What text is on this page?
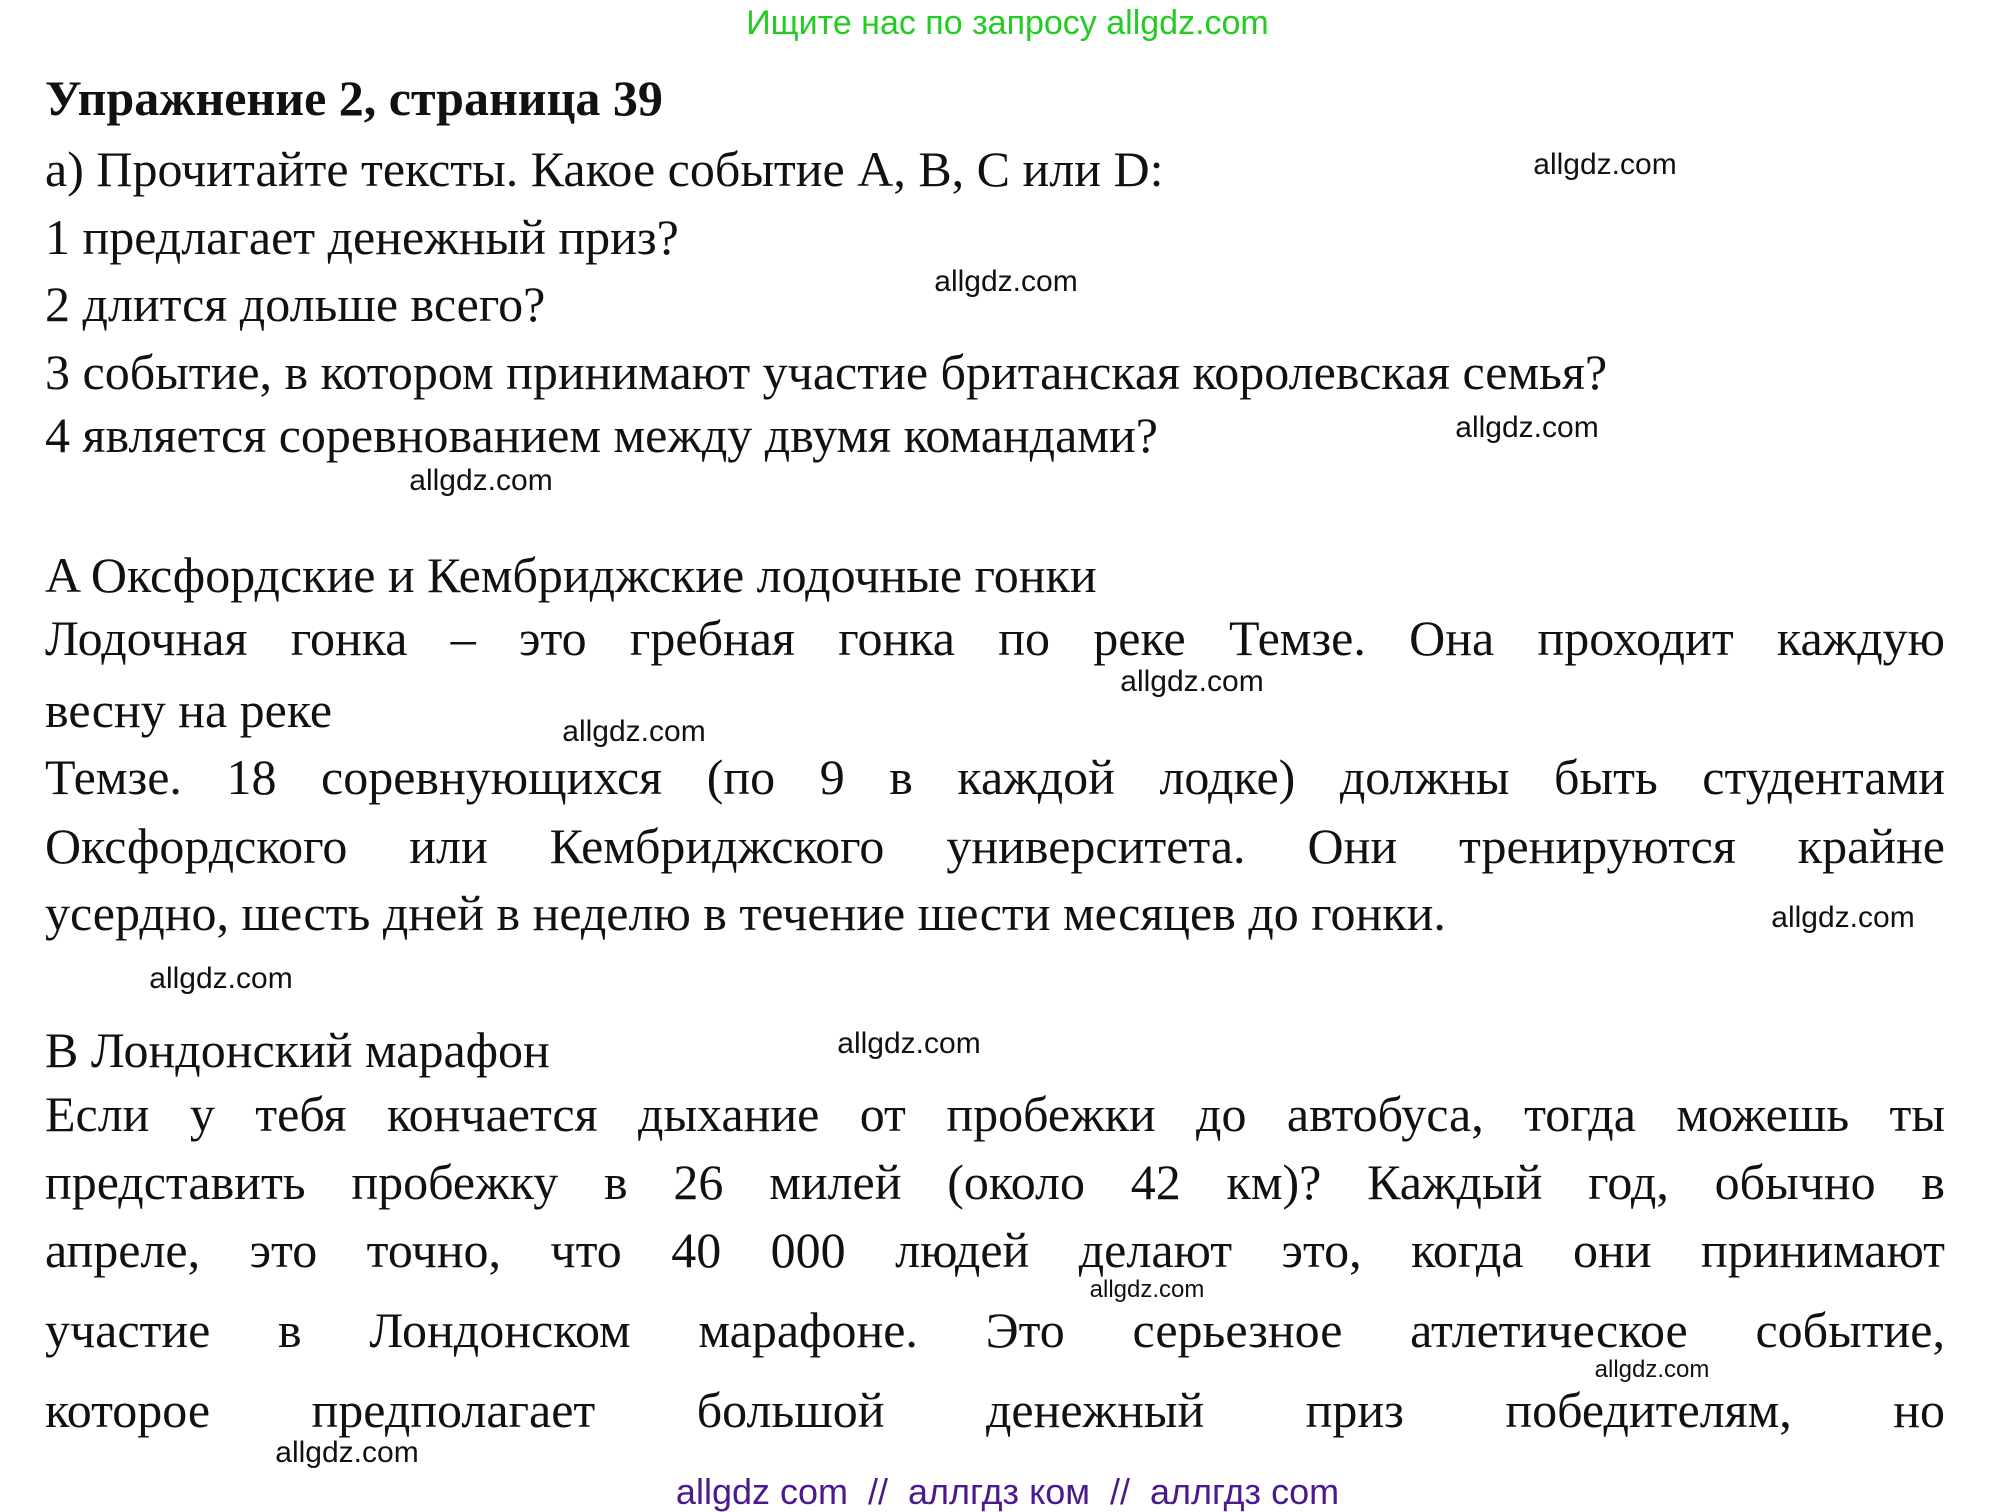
Ищите нас по запросу allgdz.com
Упражнение 2, страница 39
а) Прочитайте тексты. Какое событие A, B, C или D:
1 предлагает денежный приз?
2 длится дольше всего?
3 событие, в котором принимают участие британская королевская семья?
4 является соревнованием между двумя командами?
A Оксфордские и Кембриджские лодочные гонки
Лодочная гонка – это гребная гонка по реке Темзе. Она проходит каждую
весну на реке
Темзе. 18 соревнующихся (по 9 в каждой лодке) должны быть студентами
Оксфордского или Кембриджского университета. Они тренируются крайне
усердно, шесть дней в неделю в течение шести месяцев до гонки.
B Лондонский марафон
Если у тебя кончается дыхание от пробежки до автобуса, тогда можешь ты
представить пробежку в 26 милей (около 42 км)? Каждый год, обычно в
апреле, это точно, что 40 000 людей делают это, когда они принимают
участие в Лондонском марафоне. Это серьезное атлетическое событие,
которое предполагает большой денежный приз победителям, но
allgdz.com
allgdz.com
allgdz.com
allgdz.com
allgdz.com
allgdz.com
allgdz.com
allgdz.com
allgdz.com
allgdz.com
allgdz.com
allgdz.com
allgdz com  //  аллгдз ком  //  аллгдз com
